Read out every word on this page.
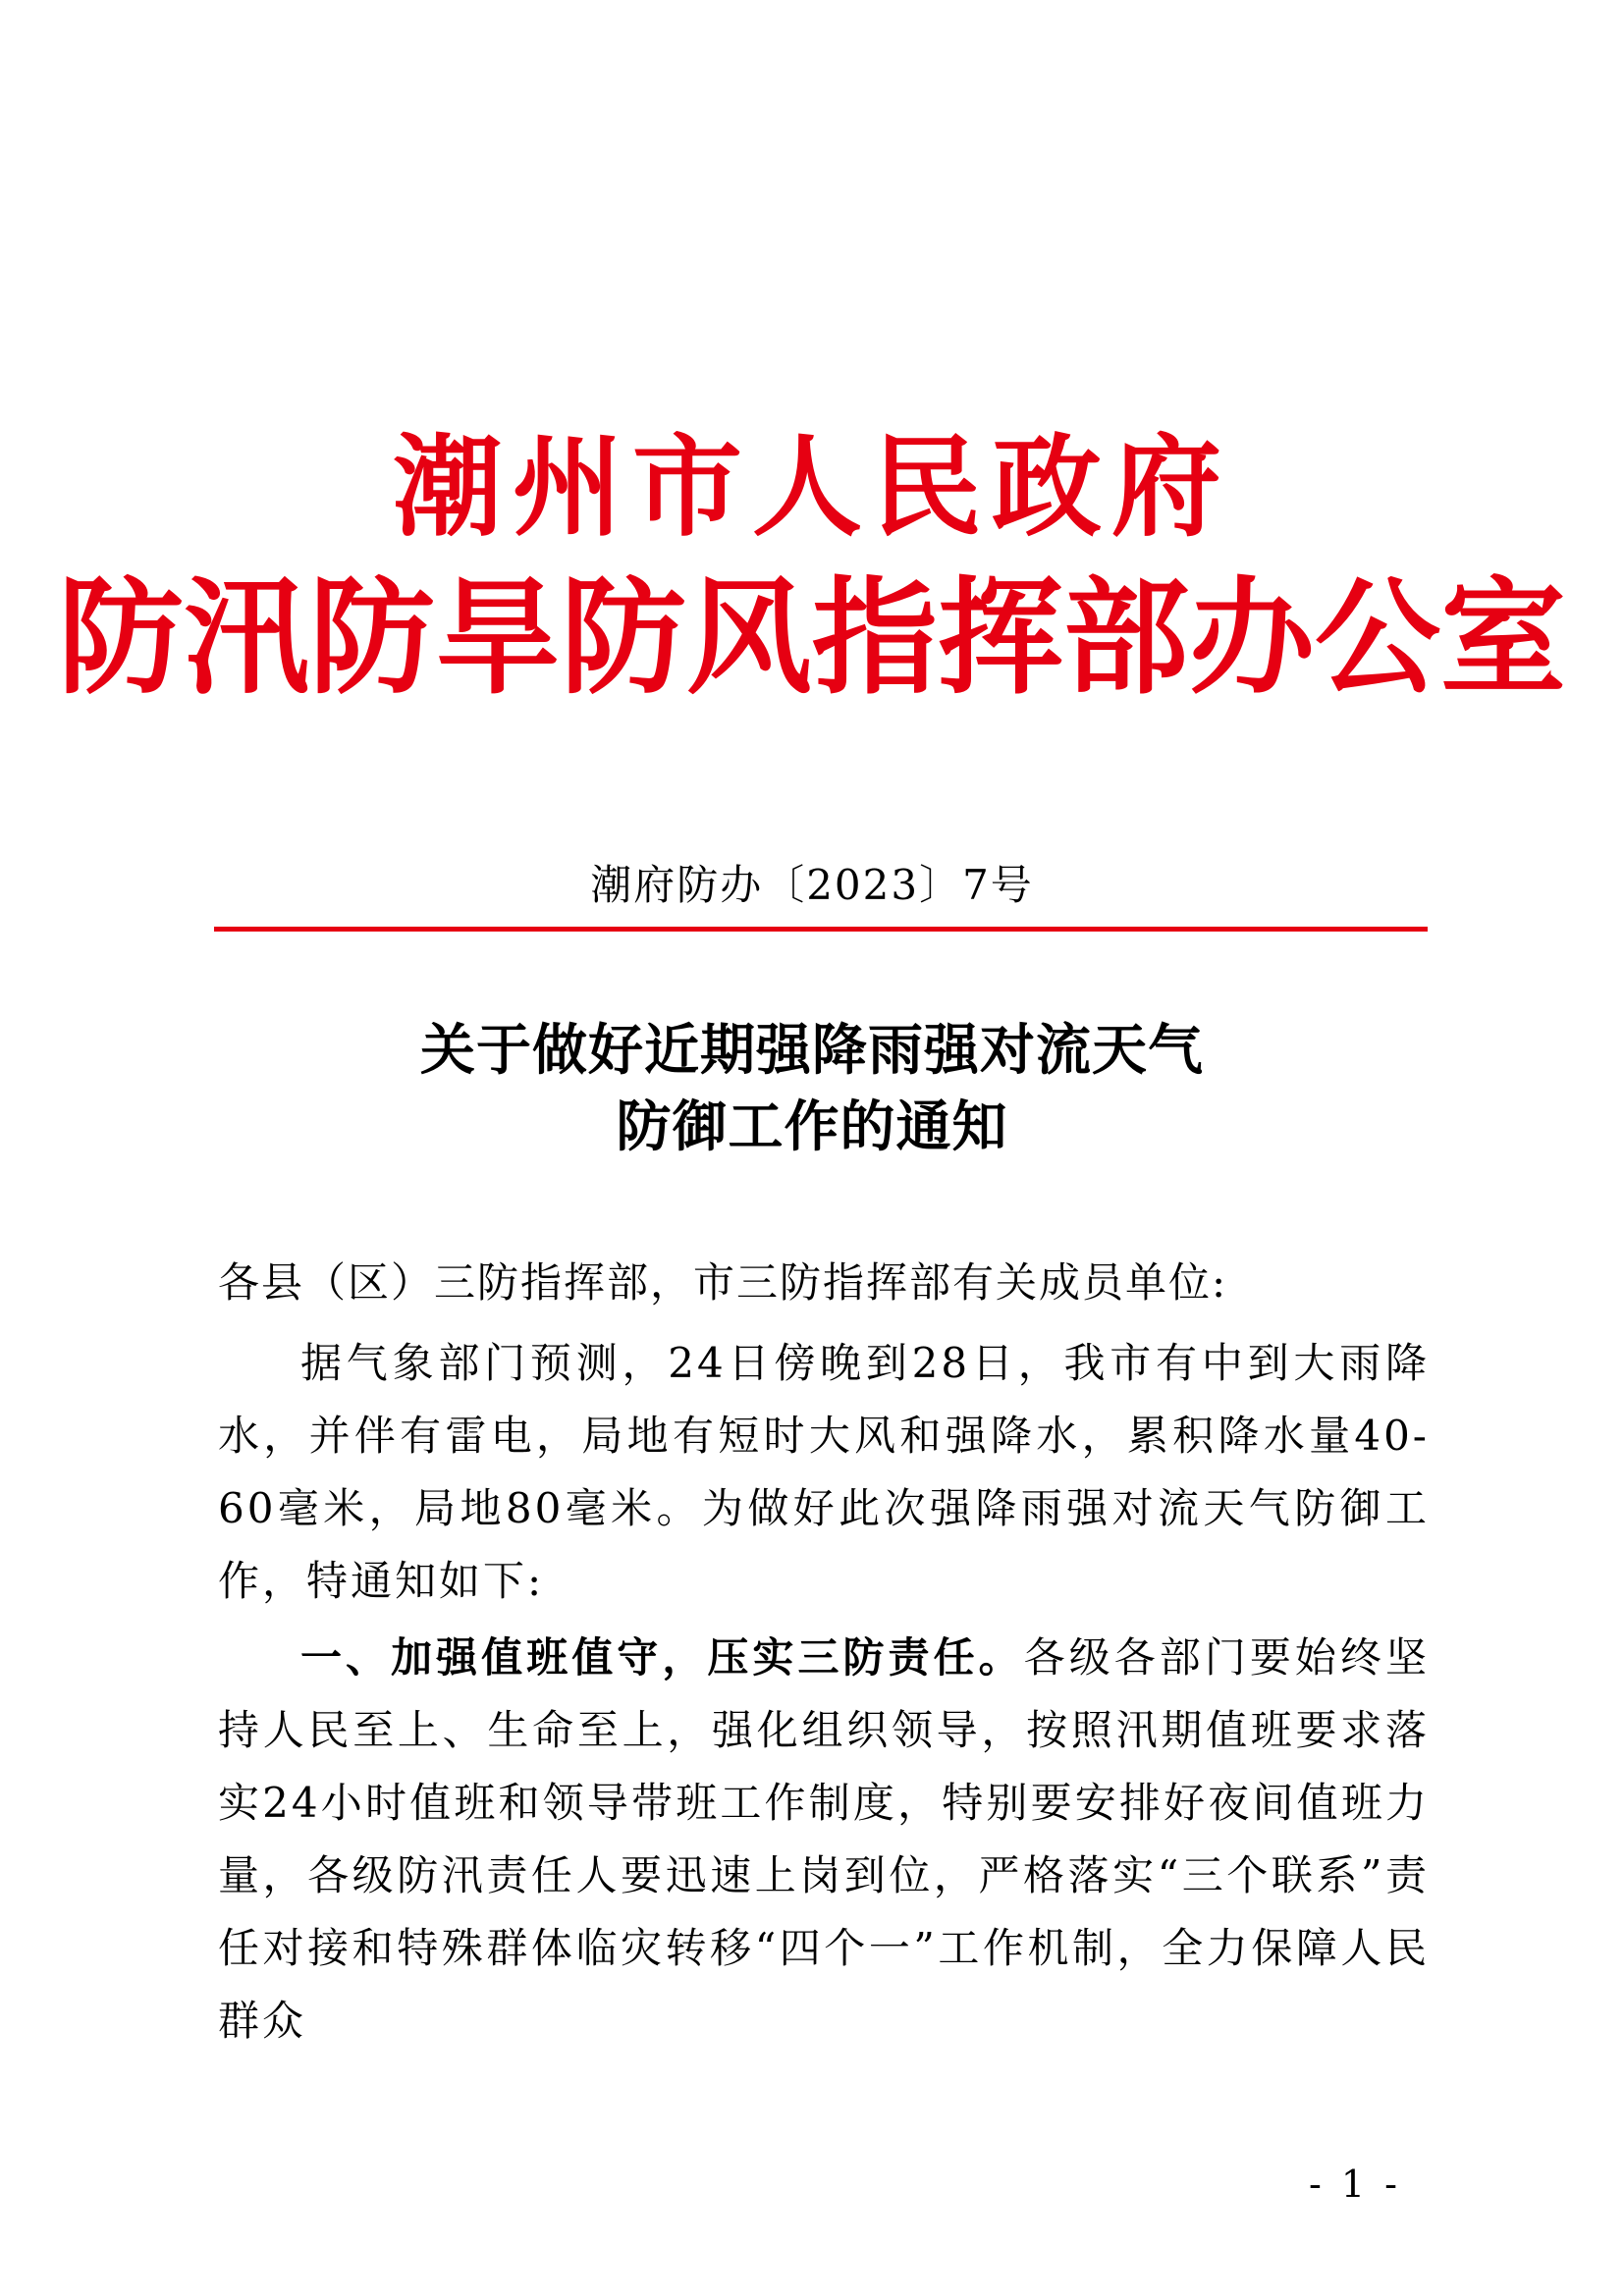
潮州市人民政府
防汛防旱防风指挥部办公室
潮府防办〔2023〕7号
关于做好近期强降雨强对流天气
防御工作的通知
各县（区）三防指挥部，市三防指挥部有关成员单位:
据气象部门预测，24日傍晚到28日，我市有中到大雨降水，并伴有雷电，局地有短时大风和强降水，累积降水量40-60毫米，局地80毫米。为做好此次强降雨强对流天气防御工作，特通知如下:
一、加强值班值守，压实三防责任。各级各部门要始终坚持人民至上、生命至上，强化组织领导，按照汛期值班要求落实24小时值班和领导带班工作制度，特别要安排好夜间值班力量，各级防汛责任人要迅速上岗到位，严格落实“三个联系”责任对接和特殊群体临灾转移“四个一”工作机制，全力保障人民群众
- 1 -
